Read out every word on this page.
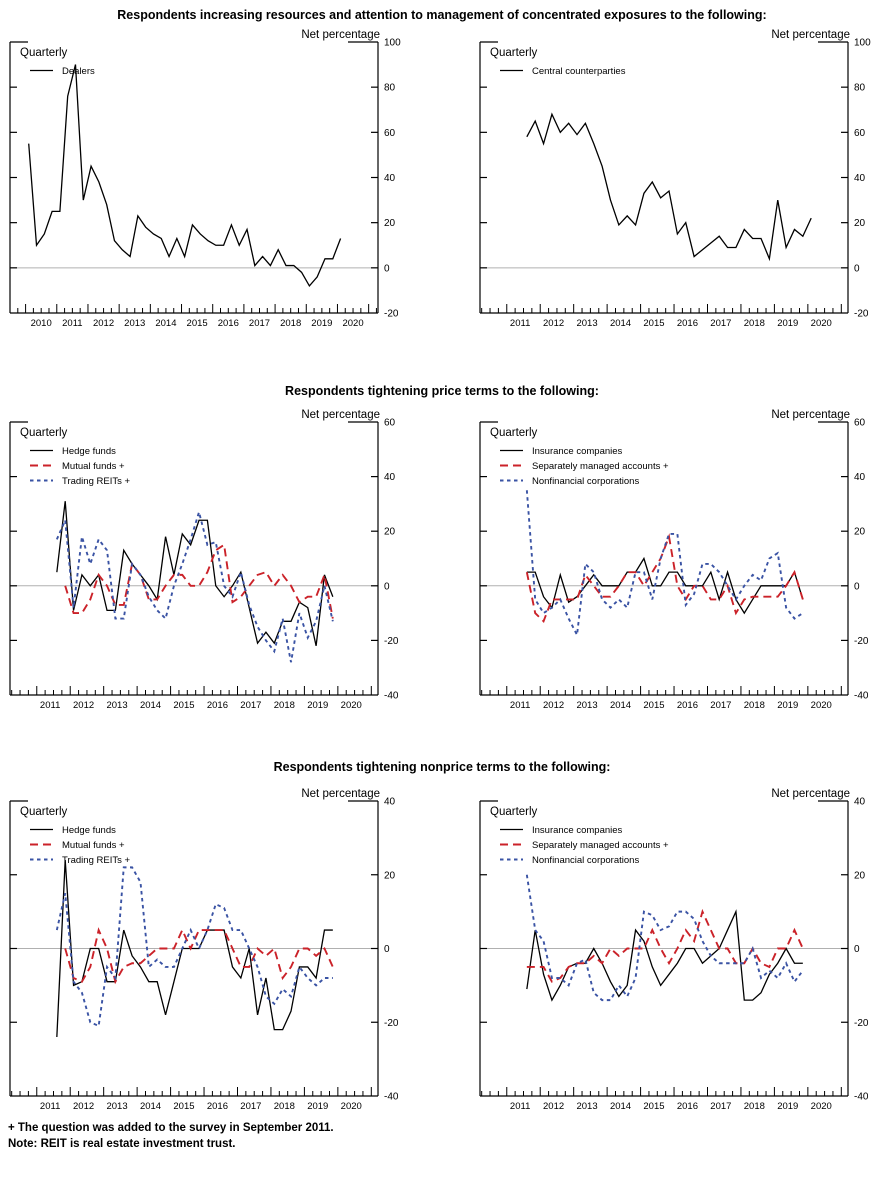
Respondents increasing resources and attention to management of concentrated exposures to the following:
Respondents tightening price terms to the following:
Respondents tightening nonprice terms to the following:
Net percentage
-20
0
20
40
60
80
100
2010 2011 2012 2013 2014 2015 2016 2017 2018 2019 2020
Quarterly
Dealers
Net percentage
-20
0
20
40
60
80
100
2011 2012 2013 2014 2015 2016 2017 2018 2019 2020
Quarterly
Central counterparties
Net percentage
-40
-20
0
20
40
60
2011 2012 2013 2014 2015 2016 2017 2018 2019 2020
Quarterly
Hedge funds
Mutual funds +
Trading REITs +
Net percentage
-40
-20
0
20
40
60
2011 2012 2013 2014 2015 2016 2017 2018 2019 2020
Quarterly
Insurance companies
Separately managed accounts +
Nonfinancial corporations
Net percentage
-40
-20
0
20
40
2011 2012 2013 2014 2015 2016 2017 2018 2019 2020
Quarterly
Hedge funds
Mutual funds +
Trading REITs +
Net percentage
-40
-20
0
20
40
2011 2012 2013 2014 2015 2016 2017 2018 2019 2020
Quarterly
Insurance companies
Separately managed accounts +
Nonfinancial corporations
+ The question was added to the survey in September 2011.
Note: REIT is real estate investment trust.
